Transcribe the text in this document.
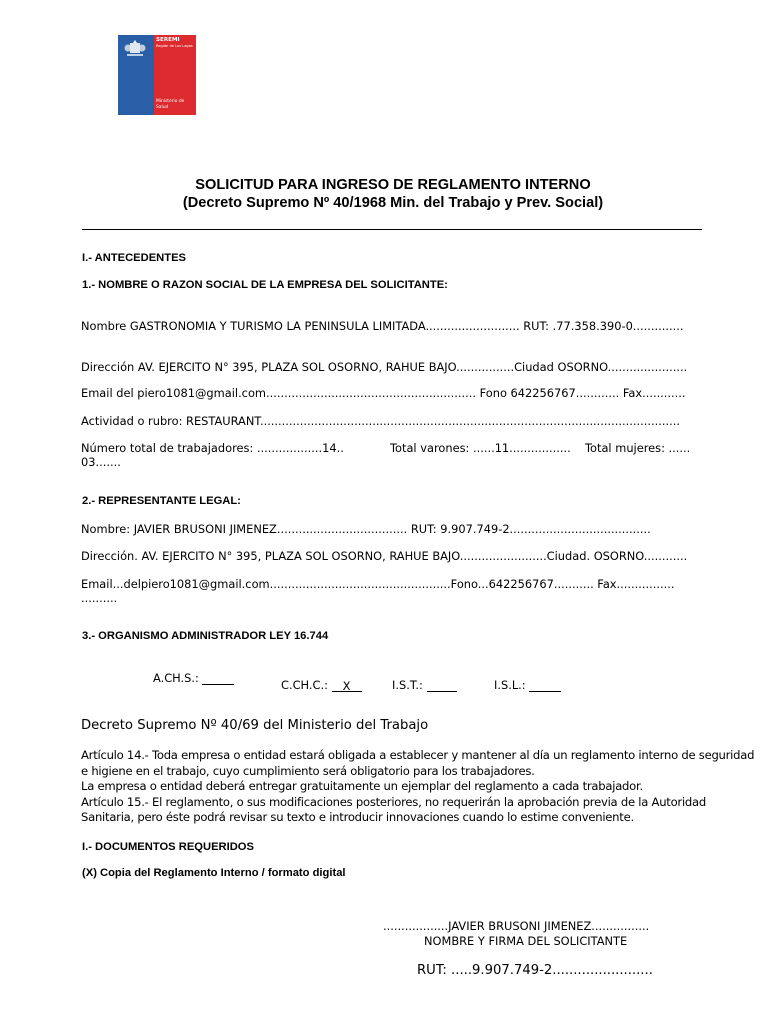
SEREMI
Región de Los Lagos
Ministerio de Salud
SOLICITUD PARA INGRESO DE REGLAMENTO INTERNO
(Decreto Supremo Nº 40/1968 Min. del Trabajo y Prev. Social)
I.- ANTECEDENTES
1.- NOMBRE O RAZON SOCIAL DE LA EMPRESA DEL SOLICITANTE:
Nombre GASTRONOMIA Y TURISMO LA PENINSULA LIMITADA.......................... RUT: .77.358.390-0..............
Dirección AV. EJERCITO N° 395, PLAZA SOL OSORNO, RAHUE BAJO................Ciudad OSORNO......................
Email del piero1081@gmail.com.......................................................... Fono 642256767............ Fax............
Actividad o rubro: RESTAURANT....................................................................................................................
Número total de trabajadores: ..................14..	Total varones: ......11................. Total mujeres: ......
03.......
2.- REPRESENTANTE LEGAL:
Nombre: JAVIER BRUSONI JIMENEZ.................................... RUT: 9.907.749-2.......................................
Dirección. AV. EJERCITO N° 395, PLAZA SOL OSORNO, RAHUE BAJO........................Ciudad. OSORNO............
Email...delpiero1081@gmail.com..................................................Fono...642256767........... Fax................
..........
3.- ORGANISMO ADMINISTRADOR LEY 16.744
A.CH.S.:	C.CH.C.: X	I.S.T.:	I.S.L.:
Decreto Supremo Nº 40/69 del Ministerio del Trabajo
Artículo 14.- Toda empresa o entidad estará obligada a establecer y mantener al día un reglamento interno de seguridad
e higiene en el trabajo, cuyo cumplimiento será obligatorio para los trabajadores.
La empresa o entidad deberá entregar gratuitamente un ejemplar del reglamento a cada trabajador.
Artículo 15.- El reglamento, o sus modificaciones posteriores, no requerirán la aprobación previa de la Autoridad
Sanitaria, pero éste podrá revisar su texto e introducir innovaciones cuando lo estime conveniente.
I.- DOCUMENTOS REQUERIDOS
(X) Copia del Reglamento Interno / formato digital
..................JAVIER BRUSONI JIMENEZ................
NOMBRE Y FIRMA DEL SOLICITANTE
RUT: .....9.907.749-2........................
